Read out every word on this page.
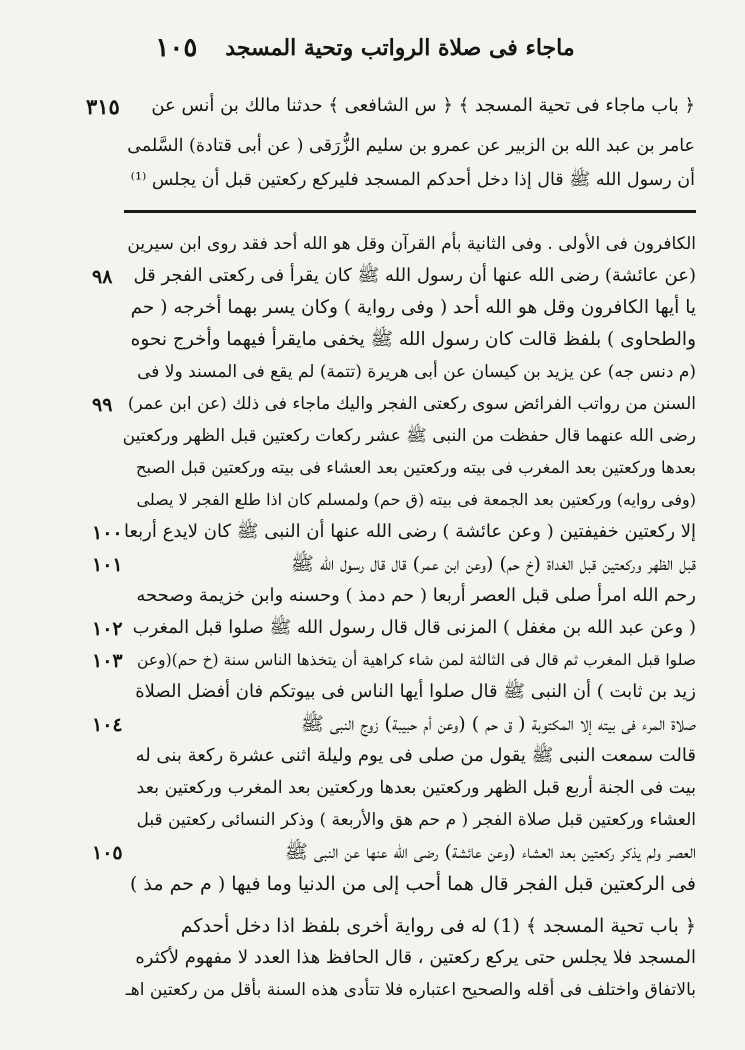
ماجاء فى صلاة الرواتب وتحية المسجد
١٠٥
٣١٥	﴿ باب ماجاء فى تحية المسجد ﴾ ﴿ س الشافعى ﴾ حدثنا مالك بن أنس عن
عامر بن عبد الله بن الزبير عن عمرو بن سليم الزُّرَقى ( عن أبى قتادة) السَّلمى
أن رسول الله ﷺ قال إذا دخل أحدكم المسجد فليركع ركعتين قبل أن يجلس ⁽¹⁾
الكافرون فى الأولى . وفى الثانية بأم القرآن وقل هو الله أحد فقد روى ابن سيرين
(عن عائشة) رضى الله عنها أن رسول الله ﷺ كان يقرأ فى ركعتى الفجر قل
يا أيها الكافرون وقل هو الله أحد ( وفى رواية ) وكان يسر بهما أخرجه ( حم
والطحاوى ) بلفظ قالت كان رسول الله ﷺ يخفى مايقرأ فيهما وأخرج نحوه
(م دنس جه) عن يزيد بن كيسان عن أبى هريرة (تتمة) لم يقع فى المسند ولا فى
السنن من رواتب الفرائض سوى ركعتى الفجر واليك ماجاء فى ذلك (عن ابن عمر)
رضى الله عنهما قال حفظت من النبى ﷺ عشر ركعات ركعتين قبل الظهر وركعتين
بعدها وركعتين بعد المغرب فى بيته وركعتين بعد العشاء فى بيته وركعتين قبل الصبح
(وفى روايه) وركعتين بعد الجمعة فى بيته (ق حم) ولمسلم كان اذا طلع الفجر لا يصلى
إلا ركعتين خفيفتين ( وعن عائشة ) رضى الله عنها أن النبى ﷺ كان لايدع أربعا
قبل الظهر وركعتين قبل الغداة (خ حم) (وعن ابن عمر) قال قال رسول الله ﷺ
رحم الله امرأ صلى قبل العصر أربعا ( حم دمذ ) وحسنه وابن خزيمة وصححه
( وعن عبد الله بن مغفل ) المزنى قال قال رسول الله ﷺ صلوا قبل المغرب
صلوا قبل المغرب ثم قال فى الثالثة لمن شاء كراهية أن يتخذها الناس سنة (خ حم)(وعن
زيد بن ثابت ) أن النبى ﷺ قال صلوا أيها الناس فى بيوتكم فان أفضل الصلاة
صلاة المرء فى بيته إلا المكتوبة ( ق حم ) (وعن أم حبيبة) زوج النبى ﷺ
قالت سمعت النبى ﷺ يقول من صلى فى يوم وليلة اثنى عشرة ركعة بنى له
بيت فى الجنة أربع قبل الظهر وركعتين بعدها وركعتين بعد المغرب وركعتين بعد
العشاء وركعتين قبل صلاة الفجر ( م حم هق والأربعة ) وذكر النسائى ركعتين قبل
العصر ولم يذكر ركعتين بعد العشاء (وعن عائشة) رضى الله عنها عن النبى ﷺ
فى الركعتين قبل الفجر قال هما أحب إلى من الدنيا وما فيها ( م حم مذ )
٩٨
٩٩
١٠٠
١٠١
١٠٢
١٠٣
١٠٤
١٠٥
﴿ باب تحية المسجد ﴾ (1) له فى رواية أخرى بلفظ اذا دخل أحدكم
المسجد فلا يجلس حتى يركع ركعتين ، قال الحافظ هذا العدد لا مفهوم لأكثره
بالاتفاق واختلف فى أقله والصحيح اعتباره فلا تتأدى هذه السنة بأقل من ركعتين اهـ
